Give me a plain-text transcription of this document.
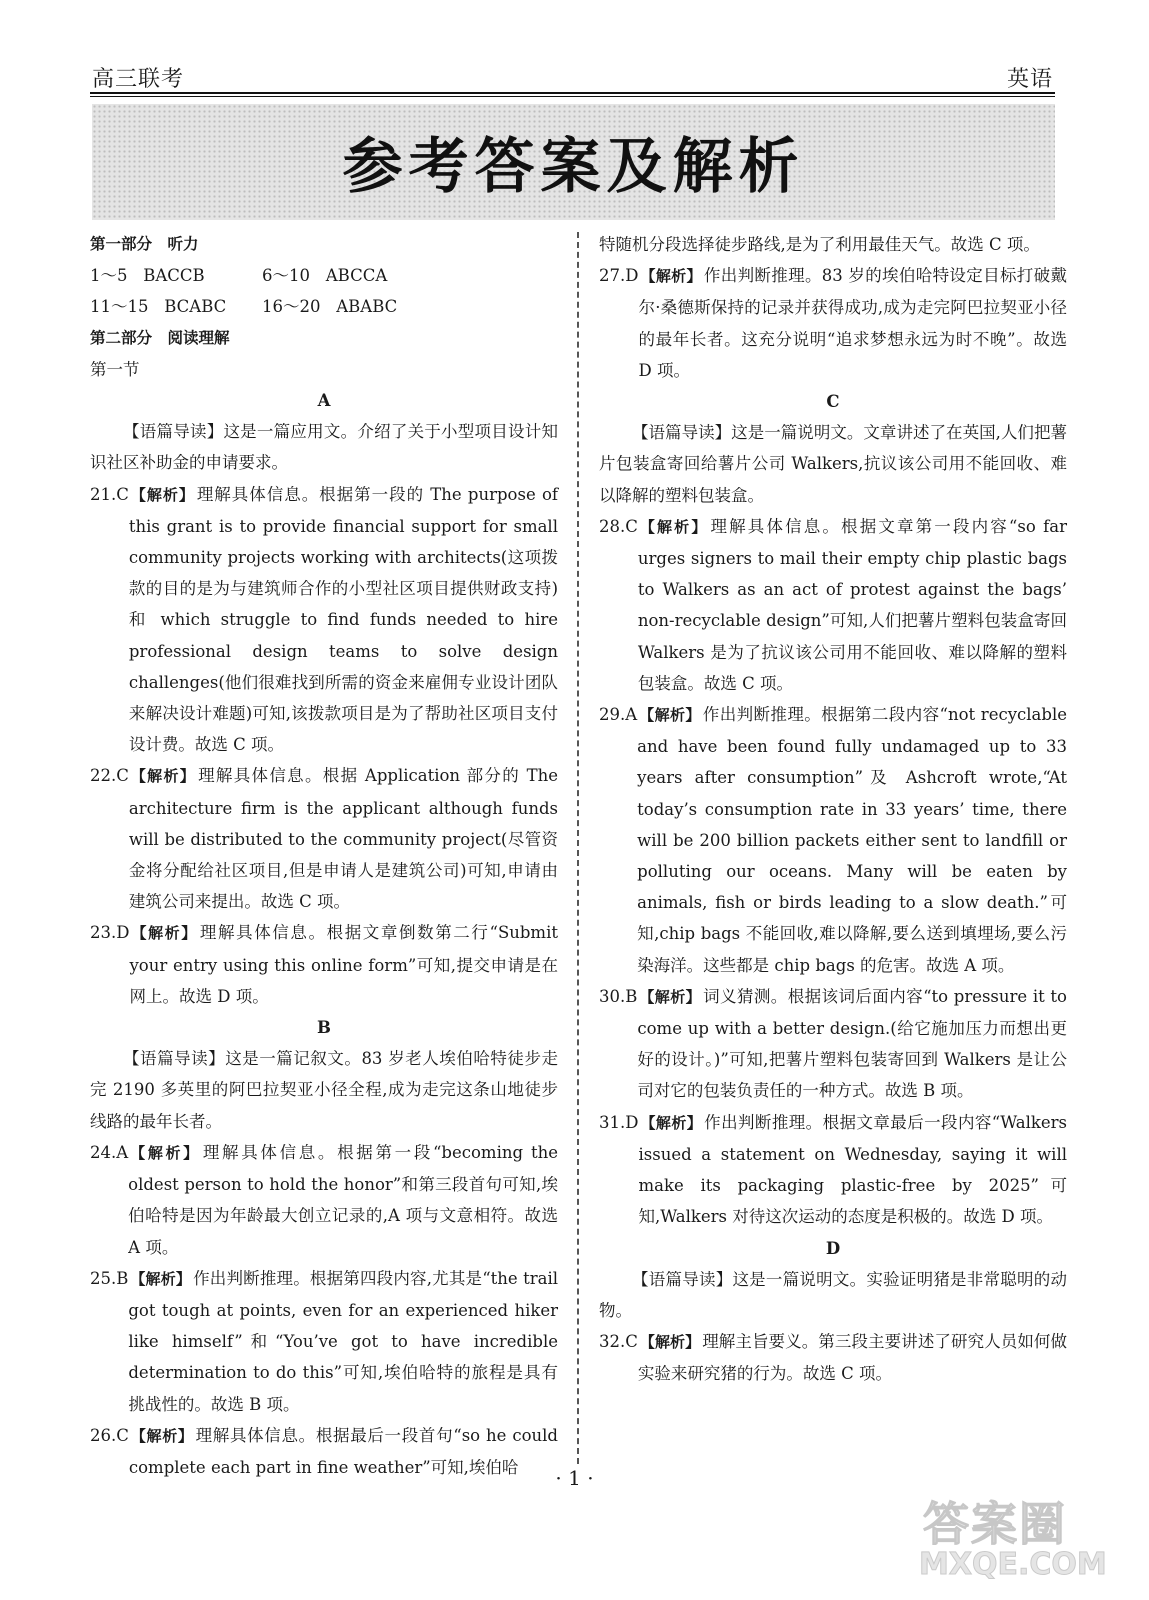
高三联考	英语
参考答案及解析
第一部分　听力
1～5 BACCB	6～10 ABCCA
11～15 BCABC	16～20 ABABC
第二部分　阅读理解
第一节
A
【语篇导读】这是一篇应用文。介绍了关于小型项目设计知识社区补助金的申请要求。
21.C 【解析】 理解具体信息。根据第一段的 The purpose of this grant is to provide financial support for small community projects working with architects(这项拨款的目的是为与建筑师合作的小型社区项目提供财政支持)和 which struggle to find funds needed to hire professional design teams to solve design challenges(他们很难找到所需的资金来雇佣专业设计团队来解决设计难题)可知,该拨款项目是为了帮助社区项目支付设计费。故选 C 项。
22.C 【解析】 理解具体信息。根据 Application 部分的 The architecture firm is the applicant although funds will be distributed to the community project(尽管资金将分配给社区项目,但是申请人是建筑公司)可知,申请由建筑公司来提出。故选 C 项。
23.D 【解析】 理解具体信息。根据文章倒数第二行“Submit your entry using this online form”可知,提交申请是在网上。故选 D 项。
B
【语篇导读】这是一篇记叙文。83 岁老人埃伯哈特徒步走完 2190 多英里的阿巴拉契亚小径全程,成为走完这条山地徒步线路的最年长者。
24.A 【解析】 理解具体信息。根据第一段“becoming the oldest person to hold the honor”和第三段首句可知,埃伯哈特是因为年龄最大创立记录的,A 项与文意相符。故选 A 项。
25.B 【解析】 作出判断推理。根据第四段内容,尤其是“the trail got tough at points, even for an experienced hiker like himself”和“You’ve got to have incredible determination to do this”可知,埃伯哈特的旅程是具有挑战性的。故选 B 项。
26.C 【解析】 理解具体信息。根据最后一段首句“so he could complete each part in fine weather”可知,埃伯哈
特随机分段选择徒步路线,是为了利用最佳天气。故选 C 项。
27.D 【解析】 作出判断推理。83 岁的埃伯哈特设定目标打破戴尔·桑德斯保持的记录并获得成功,成为走完阿巴拉契亚小径的最年长者。这充分说明“追求梦想永远为时不晚”。故选 D 项。
C
【语篇导读】这是一篇说明文。文章讲述了在英国,人们把薯片包装盒寄回给薯片公司 Walkers,抗议该公司用不能回收、难以降解的塑料包装盒。
28.C 【解析】 理解具体信息。根据文章第一段内容“so far urges signers to mail their empty chip plastic bags to Walkers as an act of protest against the bags’ non-recyclable design”可知,人们把薯片塑料包装盒寄回 Walkers 是为了抗议该公司用不能回收、难以降解的塑料包装盒。故选 C 项。
29.A 【解析】 作出判断推理。根据第二段内容“not recyclable and have been found fully undamaged up to 33 years after consumption”及 Ashcroft wrote,“At today’s consumption rate in 33 years’ time, there will be 200 billion packets either sent to landfill or polluting our oceans. Many will be eaten by animals, fish or birds leading to a slow death.”可知,chip bags 不能回收,难以降解,要么送到填埋场,要么污染海洋。这些都是 chip bags 的危害。故选 A 项。
30.B 【解析】 词义猜测。根据该词后面内容“to pressure it to come up with a better design.(给它施加压力而想出更好的设计。)”可知,把薯片塑料包装寄回到 Walkers 是让公司对它的包装负责任的一种方式。故选 B 项。
31.D 【解析】 作出判断推理。根据文章最后一段内容“Walkers issued a statement on Wednesday, saying it will make its packaging plastic-free by 2025”可知,Walkers 对待这次运动的态度是积极的。故选 D 项。
D
【语篇导读】这是一篇说明文。实验证明猪是非常聪明的动物。
32.C 【解析】 理解主旨要义。第三段主要讲述了研究人员如何做实验来研究猪的行为。故选 C 项。
· 1 ·
答案圈
MXQE.COM
